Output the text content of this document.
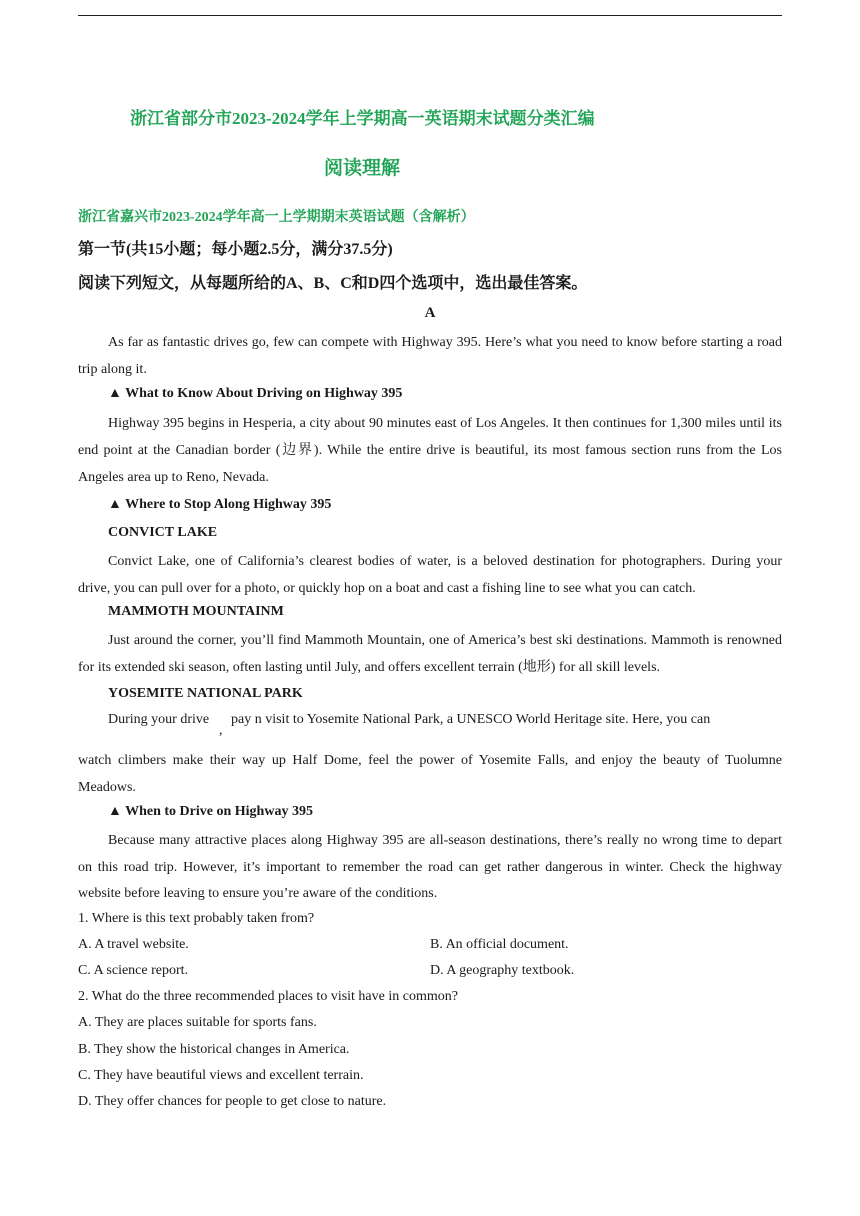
浙江省部分市2023-2024学年上学期高一英语期末试题分类汇编
阅读理解
浙江省嘉兴市2023-2024学年高一上学期期末英语试题（含解析）
第一节(共15小题；每小题2.5分，满分37.5分)
阅读下列短文，从每题所给的A、B、C和D四个选项中，选出最佳答案。
A
As far as fantastic drives go, few can compete with Highway 395. Here’s what you need to know before starting a road trip along it.
▲ What to Know About Driving on Highway 395
Highway 395 begins in Hesperia, a city about 90 minutes east of Los Angeles. It then continues for 1,300 miles until its end point at the Canadian border (边界). While the entire drive is beautiful, its most famous section runs from the Los Angeles area up to Reno, Nevada.
▲ Where to Stop Along Highway 395
CONVICT LAKE
Convict Lake, one of California’s clearest bodies of water, is a beloved destination for photographers. During your drive, you can pull over for a photo, or quickly hop on a boat and cast a fishing line to see what you can catch.
MAMMOTH MOUNTAINM
Just around the corner, you’ll find Mammoth Mountain, one of America’s best ski destinations. Mammoth is renowned for its extended ski season, often lasting until July, and offers excellent terrain (地形) for all skill levels.
YOSEMITE NATIONAL PARK
During your drive
,
pay n visit to Yosemite National Park, a UNESCO World Heritage site. Here, you can
watch climbers make their way up Half Dome, feel the power of Yosemite Falls, and enjoy the beauty of Tuolumne Meadows.
▲ When to Drive on Highway 395
Because many attractive places along Highway 395 are all-season destinations, there’s really no wrong time to depart on this road trip. However, it’s important to remember the road can get rather dangerous in winter. Check the highway website before leaving to ensure you’re aware of the conditions.
1. Where is this text probably taken from?
A. A travel website.	B. An official document.
C. A science report.	D. A geography textbook.
2. What do the three recommended places to visit have in common?
A. They are places suitable for sports fans.
B. They show the historical changes in America.
C. They have beautiful views and excellent terrain.
D. They offer chances for people to get close to nature.
